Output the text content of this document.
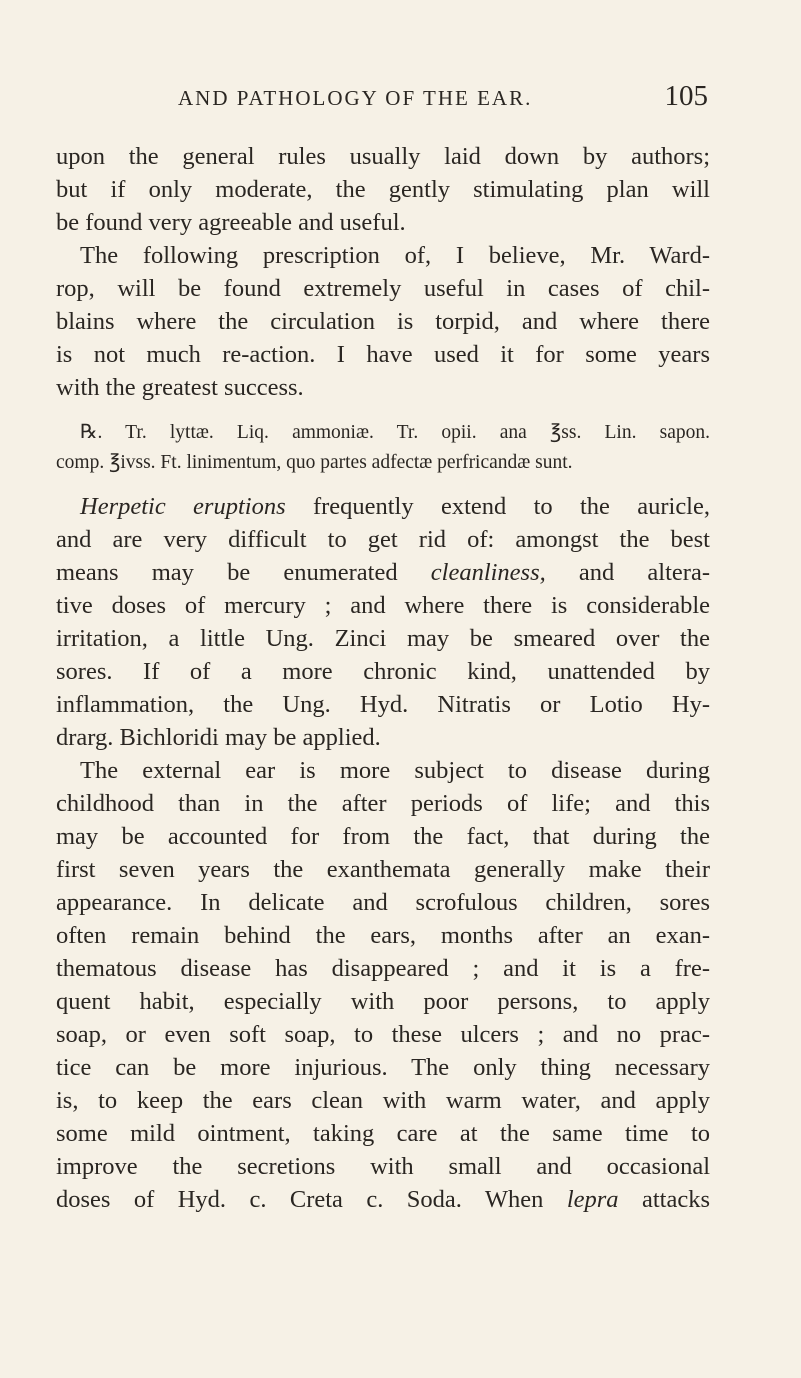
AND PATHOLOGY OF THE EAR.	105
upon the general rules usually laid down by authors;
but if only moderate, the gently stimulating plan will
be found very agreeable and useful.
The following prescription of, I believe, Mr. Ward-
rop, will be found extremely useful in cases of chil-
blains where the circulation is torpid, and where there
is not much re-action. I have used it for some years
with the greatest success.
℞. Tr. lyttæ. Liq. ammoniæ. Tr. opii. ana ℥ss. Lin. sapon.
comp. ℥ivss. Ft. linimentum, quo partes adfectæ perfricandæ sunt.
Herpetic eruptions frequently extend to the auricle,
and are very difficult to get rid of: amongst the best
means may be enumerated cleanliness, and altera-
tive doses of mercury ; and where there is considerable
irritation, a little Ung. Zinci may be smeared over the
sores. If of a more chronic kind, unattended by
inflammation, the Ung. Hyd. Nitratis or Lotio Hy-
drarg. Bichloridi may be applied.
The external ear is more subject to disease during
childhood than in the after periods of life; and this
may be accounted for from the fact, that during the
first seven years the exanthemata generally make their
appearance. In delicate and scrofulous children, sores
often remain behind the ears, months after an exan-
thematous disease has disappeared ; and it is a fre-
quent habit, especially with poor persons, to apply
soap, or even soft soap, to these ulcers ; and no prac-
tice can be more injurious. The only thing necessary
is, to keep the ears clean with warm water, and apply
some mild ointment, taking care at the same time to
improve the secretions with small and occasional
doses of Hyd. c. Creta c. Soda. When lepra attacks
